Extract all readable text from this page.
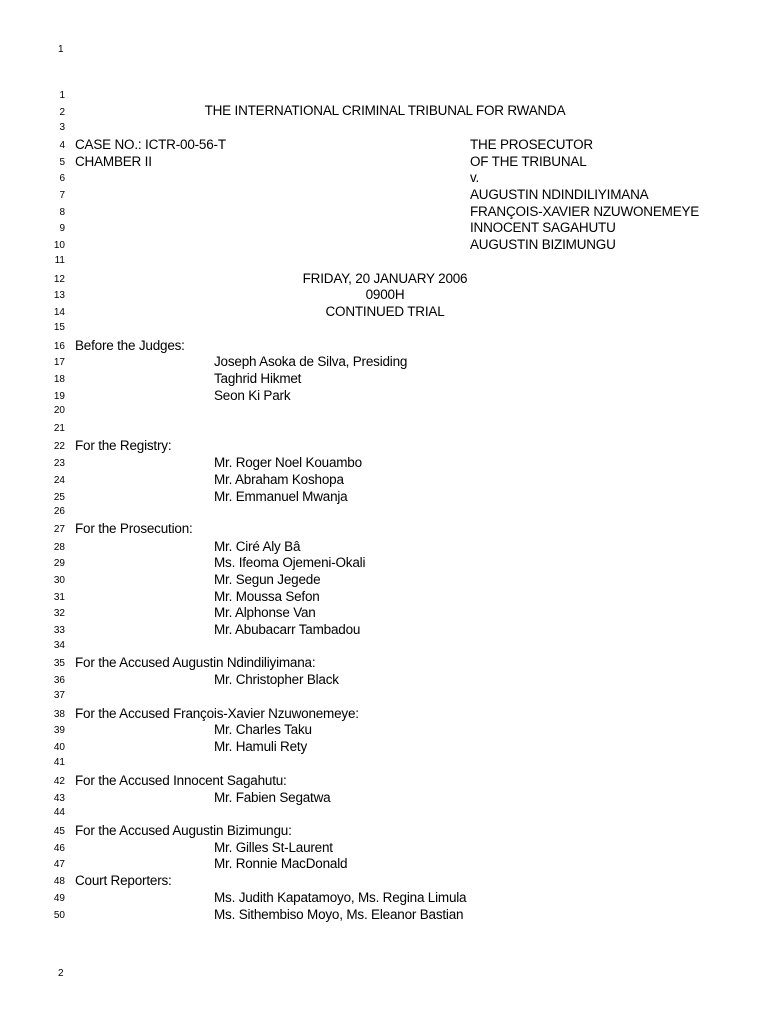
1
1
2
3
4
5
6
7
8
9
10
11
12
13
14
15
16
17
18
19
20
21
22
23
24
25
26
27
28
29
30
31
32
33
34
35
36
37
38
39
40
41
42
43
44
45
46
47
48
49
50
THE INTERNATIONAL CRIMINAL TRIBUNAL FOR RWANDA
CASE NO.: ICTR-00-56-T
CHAMBER II
THE PROSECUTOR
OF THE TRIBUNAL
v.
AUGUSTIN NDINDILIYIMANA
FRANÇOIS-XAVIER NZUWONEMEYE
INNOCENT SAGAHUTU
AUGUSTIN BIZIMUNGU
FRIDAY, 20 JANUARY 2006
0900H
CONTINUED TRIAL
Before the Judges:
Joseph Asoka de Silva, Presiding
Taghrid Hikmet
Seon Ki Park
For the Registry:
Mr. Roger Noel Kouambo
Mr. Abraham Koshopa
Mr. Emmanuel Mwanja
For the Prosecution:
Mr. Ciré Aly Bâ
Ms. Ifeoma Ojemeni-Okali
Mr. Segun Jegede
Mr. Moussa Sefon
Mr. Alphonse Van
Mr. Abubacarr Tambadou
For the Accused Augustin Ndindiliyimana:
Mr. Christopher Black
For the Accused François-Xavier Nzuwonemeye:
Mr. Charles Taku
Mr. Hamuli Rety
For the Accused Innocent Sagahutu:
Mr. Fabien Segatwa
For the Accused Augustin Bizimungu:
Mr. Gilles St-Laurent
Mr. Ronnie MacDonald
Court Reporters:
Ms. Judith Kapatamoyo, Ms. Regina Limula
Ms. Sithembiso Moyo, Ms. Eleanor Bastian
2
